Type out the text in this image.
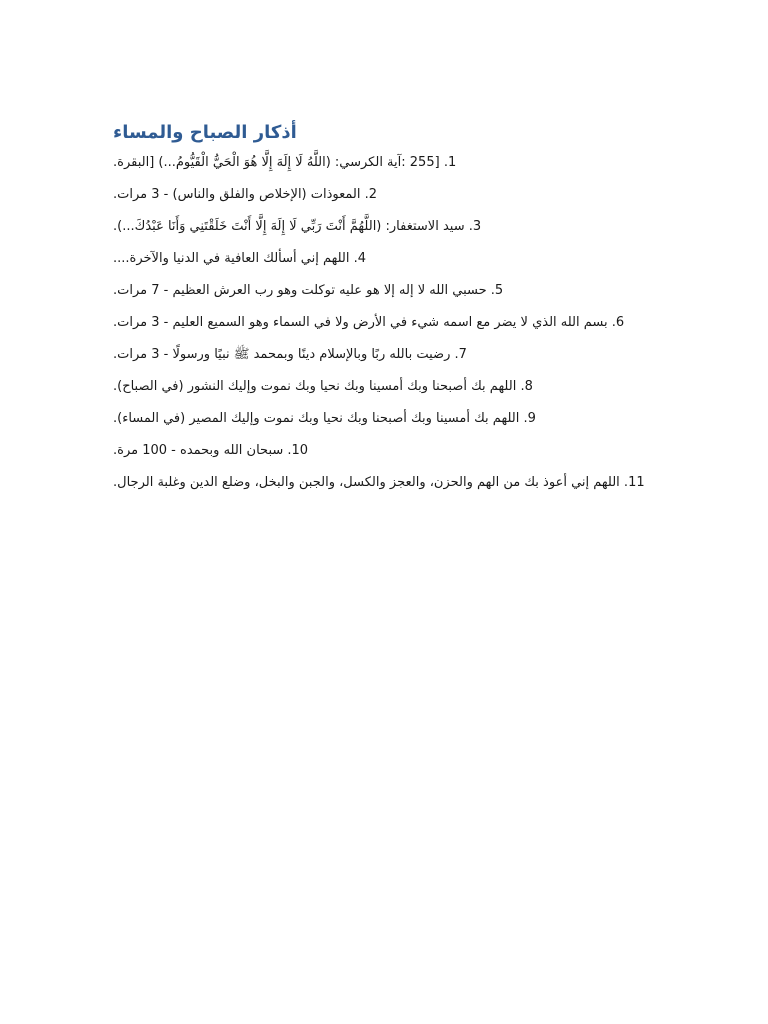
أذكار الصباح والمساء
1. [255 :آية الكرسي: (اللَّهُ لَا إِلَهَ إِلَّا هُوَ الْحَيُّ الْقَيُّومُ...) [البقرة.
2. المعوذات (الإخلاص والفلق والناس) - 3 مرات.
3. سيد الاستغفار: (اللَّهُمَّ أَنْتَ رَبِّي لَا إِلَهَ إِلَّا أَنْتَ خَلَقْتَنِي وَأَنَا عَبْدُكَ...).
4. اللهم إني أسألك العافية في الدنيا والآخرة....
5. حسبي الله لا إله إلا هو عليه توكلت وهو رب العرش العظيم - 7 مرات.
6. بسم الله الذي لا يضر مع اسمه شيء في الأرض ولا في السماء وهو السميع العليم - 3 مرات.
7. رضيت بالله ربًا وبالإسلام دينًا وبمحمد ﷺ نبيًا ورسولًا - 3 مرات.
8. اللهم بك أصبحنا وبك أمسينا وبك نحيا وبك نموت وإليك النشور (في الصباح).
9. اللهم بك أمسينا وبك أصبحنا وبك نحيا وبك نموت وإليك المصير (في المساء).
10. سبحان الله وبحمده - 100 مرة.
11. اللهم إني أعوذ بك من الهم والحزن، والعجز والكسل، والجبن والبخل، وضلع الدين وغلبة الرجال.
